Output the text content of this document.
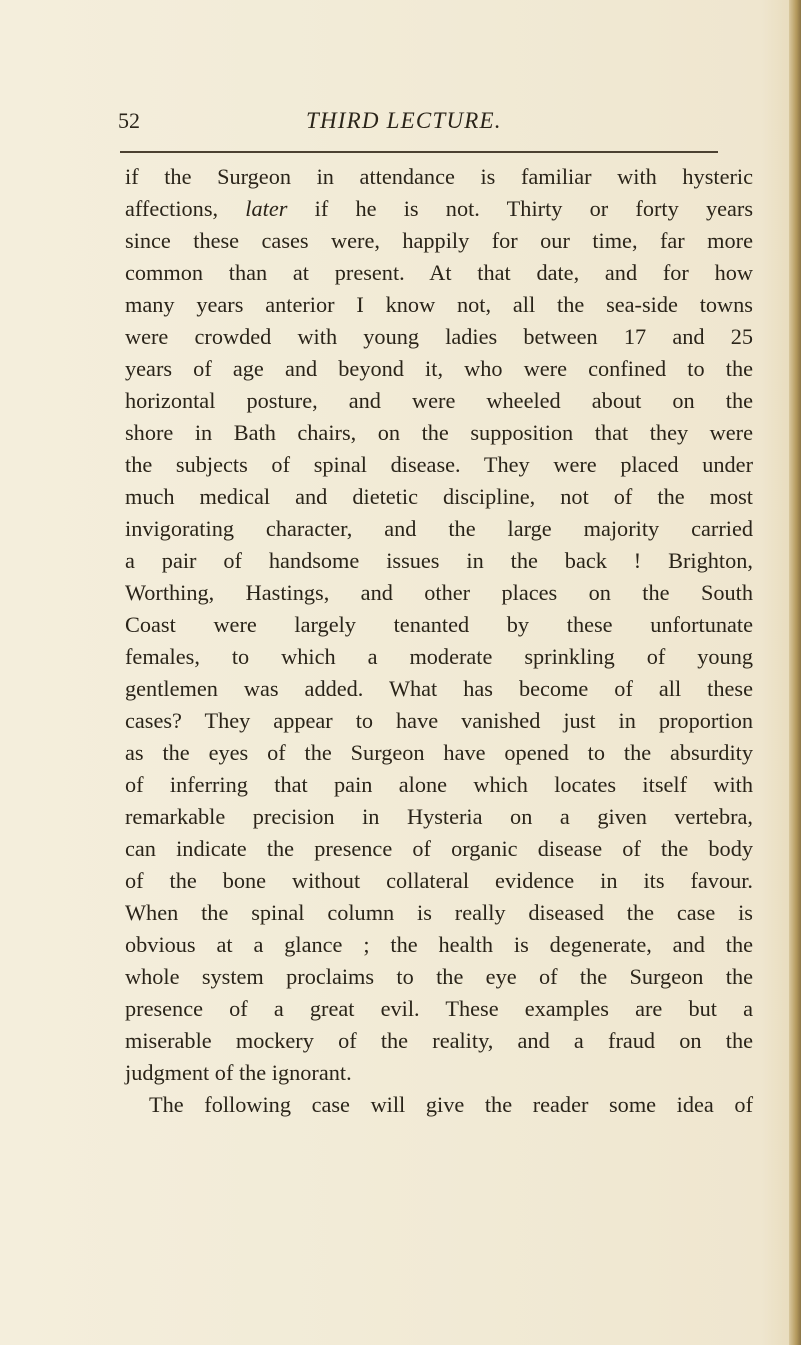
52	THIRD LECTURE.
if the Surgeon in attendance is familiar with hysteric
affections, later if he is not. Thirty or forty years
since these cases were, happily for our time, far more
common than at present. At that date, and for how
many years anterior I know not, all the sea-side towns
were crowded with young ladies between 17 and 25
years of age and beyond it, who were confined to the
horizontal posture, and were wheeled about on the
shore in Bath chairs, on the supposition that they were
the subjects of spinal disease. They were placed under
much medical and dietetic discipline, not of the most
invigorating character, and the large majority carried
a pair of handsome issues in the back ! Brighton,
Worthing, Hastings, and other places on the South
Coast were largely tenanted by these unfortunate
females, to which a moderate sprinkling of young
gentlemen was added. What has become of all these
cases? They appear to have vanished just in proportion
as the eyes of the Surgeon have opened to the absurdity
of inferring that pain alone which locates itself with
remarkable precision in Hysteria on a given vertebra,
can indicate the presence of organic disease of the body
of the bone without collateral evidence in its favour.
When the spinal column is really diseased the case is
obvious at a glance ; the health is degenerate, and the
whole system proclaims to the eye of the Surgeon the
presence of a great evil. These examples are but a
miserable mockery of the reality, and a fraud on the
judgment of the ignorant.
The following case will give the reader some idea of
